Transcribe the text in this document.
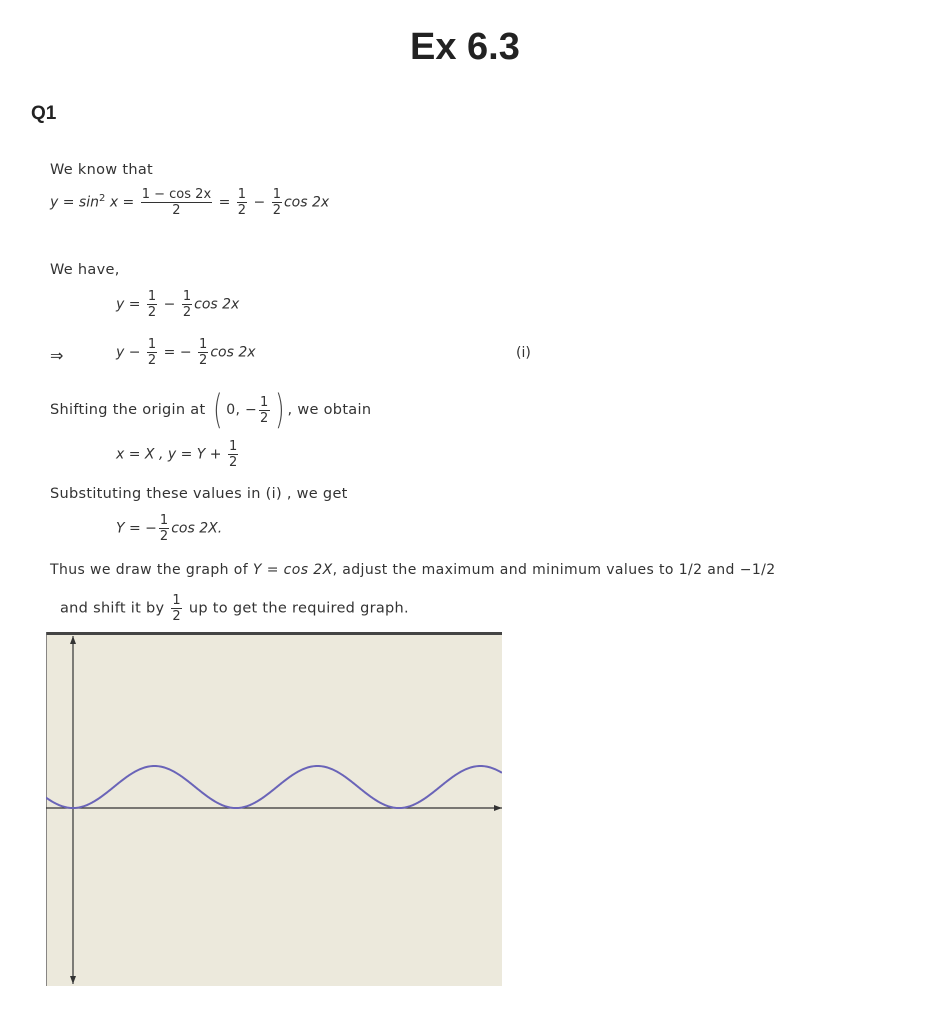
Ex 6.3
Q1
We know that
$y = \sin^2 x = \frac{1 - \cos 2x}{2} = \frac{1}{2} - \frac{1}{2}$ cos 2x
We have,
$y = \frac{1}{2} - \frac{1}{2}$ cos 2x
⇒	$y - \frac{1}{2}$ = − $\frac{1}{2}$ cos 2x	(i)
Shifting the origin at ( 0, − $\frac{1}{2}$ ) , we obtain
x = X , $y = Y + \frac{1}{2}$
Substituting these values in (i) , we get
Y = − $\frac{1}{2}$ cos 2X.
Thus we draw the graph of Y = cos 2X, adjust the maximum and minimum values to 1/2 and −1/2
and shift it by $\frac{1}{2}$ up to get the required graph.
